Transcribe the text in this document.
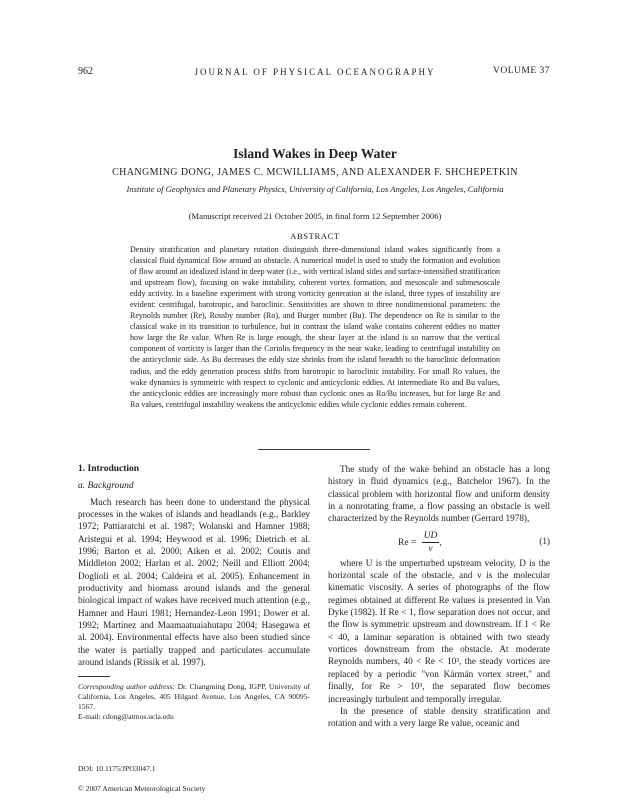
962	JOURNAL OF PHYSICAL OCEANOGRAPHY	VOLUME 37
Island Wakes in Deep Water
CHANGMING DONG, JAMES C. MCWILLIAMS, AND ALEXANDER F. SHCHEPETKIN
Institute of Geophysics and Planetary Physics, University of California, Los Angeles, Los Angeles, California
(Manuscript received 21 October 2005, in final form 12 September 2006)
ABSTRACT
Density stratification and planetary rotation distinguish three-dimensional island wakes significantly from a classical fluid dynamical flow around an obstacle. A numerical model is used to study the formation and evolution of flow around an idealized island in deep water (i.e., with vertical island sides and surface-intensified stratification and upstream flow), focusing on wake instability, coherent vortex formation, and mesoscale and submesoscale eddy activity. In a baseline experiment with strong vorticity generation at the island, three types of instability are evident: centrifugal, barotropic, and baroclinic. Sensitivities are shown to three nondimensional parameters: the Reynolds number (Re), Rossby number (Ro), and Burger number (Bu). The dependence on Re is similar to the classical wake in its transition to turbulence, but in contrast the island wake contains coherent eddies no matter how large the Re value. When Re is large enough, the shear layer at the island is so narrow that the vertical component of vorticity is larger than the Coriolis frequency in the near wake, leading to centrifugal instability on the anticyclonic side. As Bu decreases the eddy size shrinks from the island breadth to the baroclinic deformation radius, and the eddy generation process shifts from barotropic to baroclinic instability. For small Ro values, the wake dynamics is symmetric with respect to cyclonic and anticyclonic eddies. At intermediate Ro and Bu values, the anticyclonic eddies are increasingly more robust than cyclonic ones as Ro/Bu increases, but for large Re and Ro values, centrifugal instability weakens the anticyclonic eddies while cyclonic eddies remain coherent.
1. Introduction
a. Background

Much research has been done to understand the physical processes in the wakes of islands and headlands (e.g., Barkley 1972; Pattiaratchi et al. 1987; Wolanski and Hamner 1988; Aristegui et al. 1994; Heywood et al. 1996; Dietrich et al. 1996; Barton et al. 2000; Aiken et al. 2002; Coutis and Middleton 2002; Harlan et al. 2002; Neill and Elliott 2004; Doglioli et al. 2004; Caldeira et al. 2005). Enhancement in productivity and biomass around islands and the general biological impact of wakes have received much attention (e.g., Hamner and Hauri 1981; Hernandez-Leon 1991; Dower et al. 1992; Martinez and Maamaatuaiahutapu 2004; Hasegawa et al. 2004). Environmental effects have also been studied since the water is partially trapped and particulates accumulate around islands (Rissik et al. 1997).

Corresponding author address: Dr. Changming Dong, IGPP, University of California, Los Angeles, 405 Hilgard Avenue, Los Angeles, CA 90095-1567.
E-mail: cdong@atmos.ucla.edu

The study of the wake behind an obstacle has a long history in fluid dynamics (e.g., Batchelor 1967). In the classical problem with horizontal flow and uniform density in a nonrotating frame, a flow passing an obstacle is well characterized by the Reynolds number (Gerrard 1978),

$Re = \frac{UD}{\nu}$ ,	(1)

where U is the unperturbed upstream velocity, D is the horizontal scale of the obstacle, and ν is the molecular kinematic viscosity. A series of photographs of the flow regimes obtained at different Re values is presented in Van Dyke (1982). If Re < 1, flow separation does not occur, and the flow is symmetric upstream and downstream. If 1 < Re < 40, a laminar separation is obtained with two steady vortices downstream from the obstacle. At moderate Reynolds numbers, 40 < Re < 10³, the steady vortices are replaced by a periodic "von Kármán vortex street," and finally, for Re > 10³, the separated flow becomes increasingly turbulent and temporally irregular.

In the presence of stable density stratification and rotation and with a very large Re value, oceanic and

DOI: 10.1175/JPO3047.1
© 2007 American Meteorological Society
